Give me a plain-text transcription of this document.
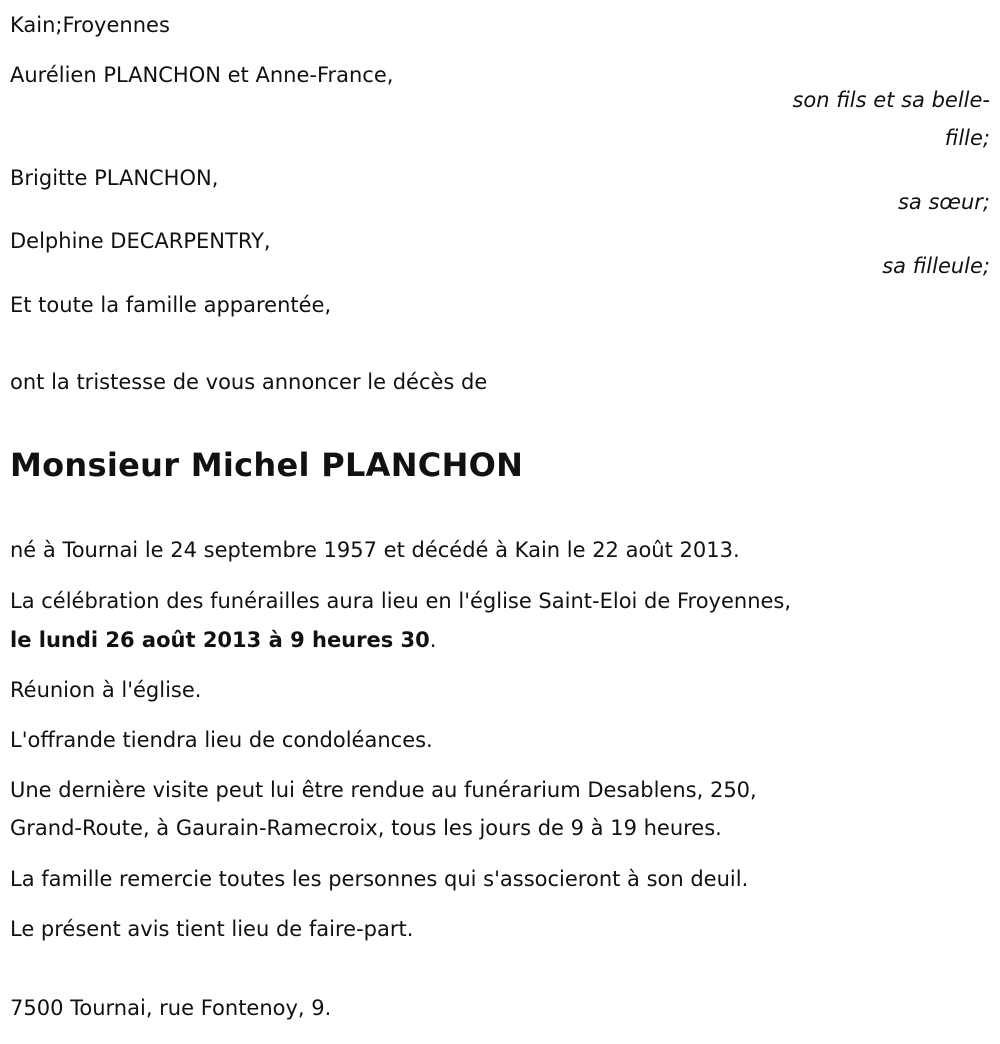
Kain;Froyennes
Aurélien PLANCHON et Anne-France,
son fils et sa belle-
fille;
Brigitte PLANCHON,
sa sœur;
Delphine DECARPENTRY,
sa filleule;
Et toute la famille apparentée,
ont la tristesse de vous annoncer le décès de
Monsieur Michel PLANCHON
né à Tournai le 24 septembre 1957 et décédé à Kain le 22 août 2013.
La célébration des funérailles aura lieu en l'église Saint-Eloi de Froyennes,
le lundi 26 août 2013 à 9 heures 30.
Réunion à l'église.
L'offrande tiendra lieu de condoléances.
Une dernière visite peut lui être rendue au funérarium Desablens, 250,
Grand-Route, à Gaurain-Ramecroix, tous les jours de 9 à 19 heures.
La famille remercie toutes les personnes qui s'associeront à son deuil.
Le présent avis tient lieu de faire-part.
7500 Tournai, rue Fontenoy, 9.
